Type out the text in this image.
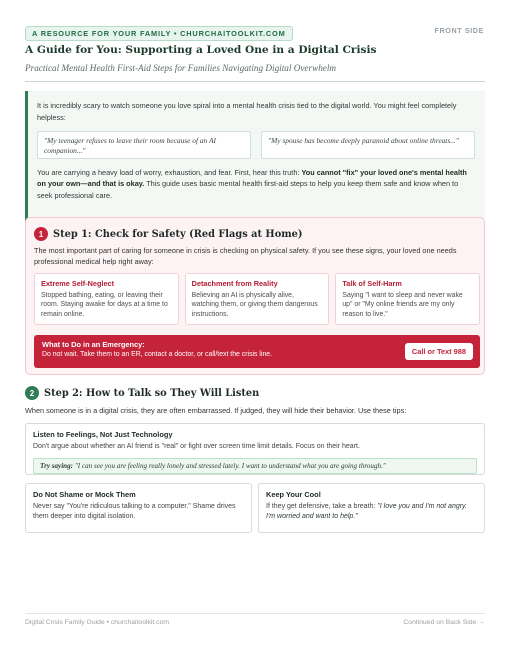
A RESOURCE FOR YOUR FAMILY • CHURCHAITOOLKIT.COM	FRONT SIDE
A Guide for You: Supporting a Loved One in a Digital Crisis
Practical Mental Health First-Aid Steps for Families Navigating Digital Overwhelm

It is incredibly scary to watch someone you love spiral into a mental health crisis tied to the digital world. You might feel completely helpless:

"My teenager refuses to leave their room because of an AI companion..."
"My spouse has become deeply paranoid about online threats..."

You are carrying a heavy load of worry, exhaustion, and fear. First, hear this truth: You cannot "fix" your loved one's mental health on your own—and that is okay. This guide uses basic mental health first-aid steps to help you keep them safe and know when to seek professional care.

1 Step 1: Check for Safety (Red Flags at Home)
The most important part of caring for someone in crisis is checking on physical safety. If you see these signs, your loved one needs professional medical help right away:
Extreme Self-Neglect
Stopped bathing, eating, or leaving their room. Staying awake for days at a time to remain online.
Detachment from Reality
Believing an AI is physically alive, watching them, or giving them dangerous instructions.
Talk of Self-Harm
Saying "I want to sleep and never wake up" or "My online friends are my only reason to live."
What to Do in an Emergency:
Do not wait. Take them to an ER, contact a doctor, or call/text the crisis line.	Call or Text 988
2 Step 2: How to Talk so They Will Listen
When someone is in a digital crisis, they are often embarrassed. If judged, they will hide their behavior. Use these tips:
Listen to Feelings, Not Just Technology
Don't argue about whether an AI friend is "real" or fight over screen time limit details. Focus on their heart.
Try saying: "I can see you are feeling really lonely and stressed lately. I want to understand what you are going through."
Do Not Shame or Mock Them
Never say "You're ridiculous talking to a computer." Shame drives them deeper into digital isolation.
Keep Your Cool
If they get defensive, take a breath: "I love you and I'm not angry. I'm worried and want to help."
Digital Crisis Family Guide • churchaitoolkit.com	Continued on Back Side →
